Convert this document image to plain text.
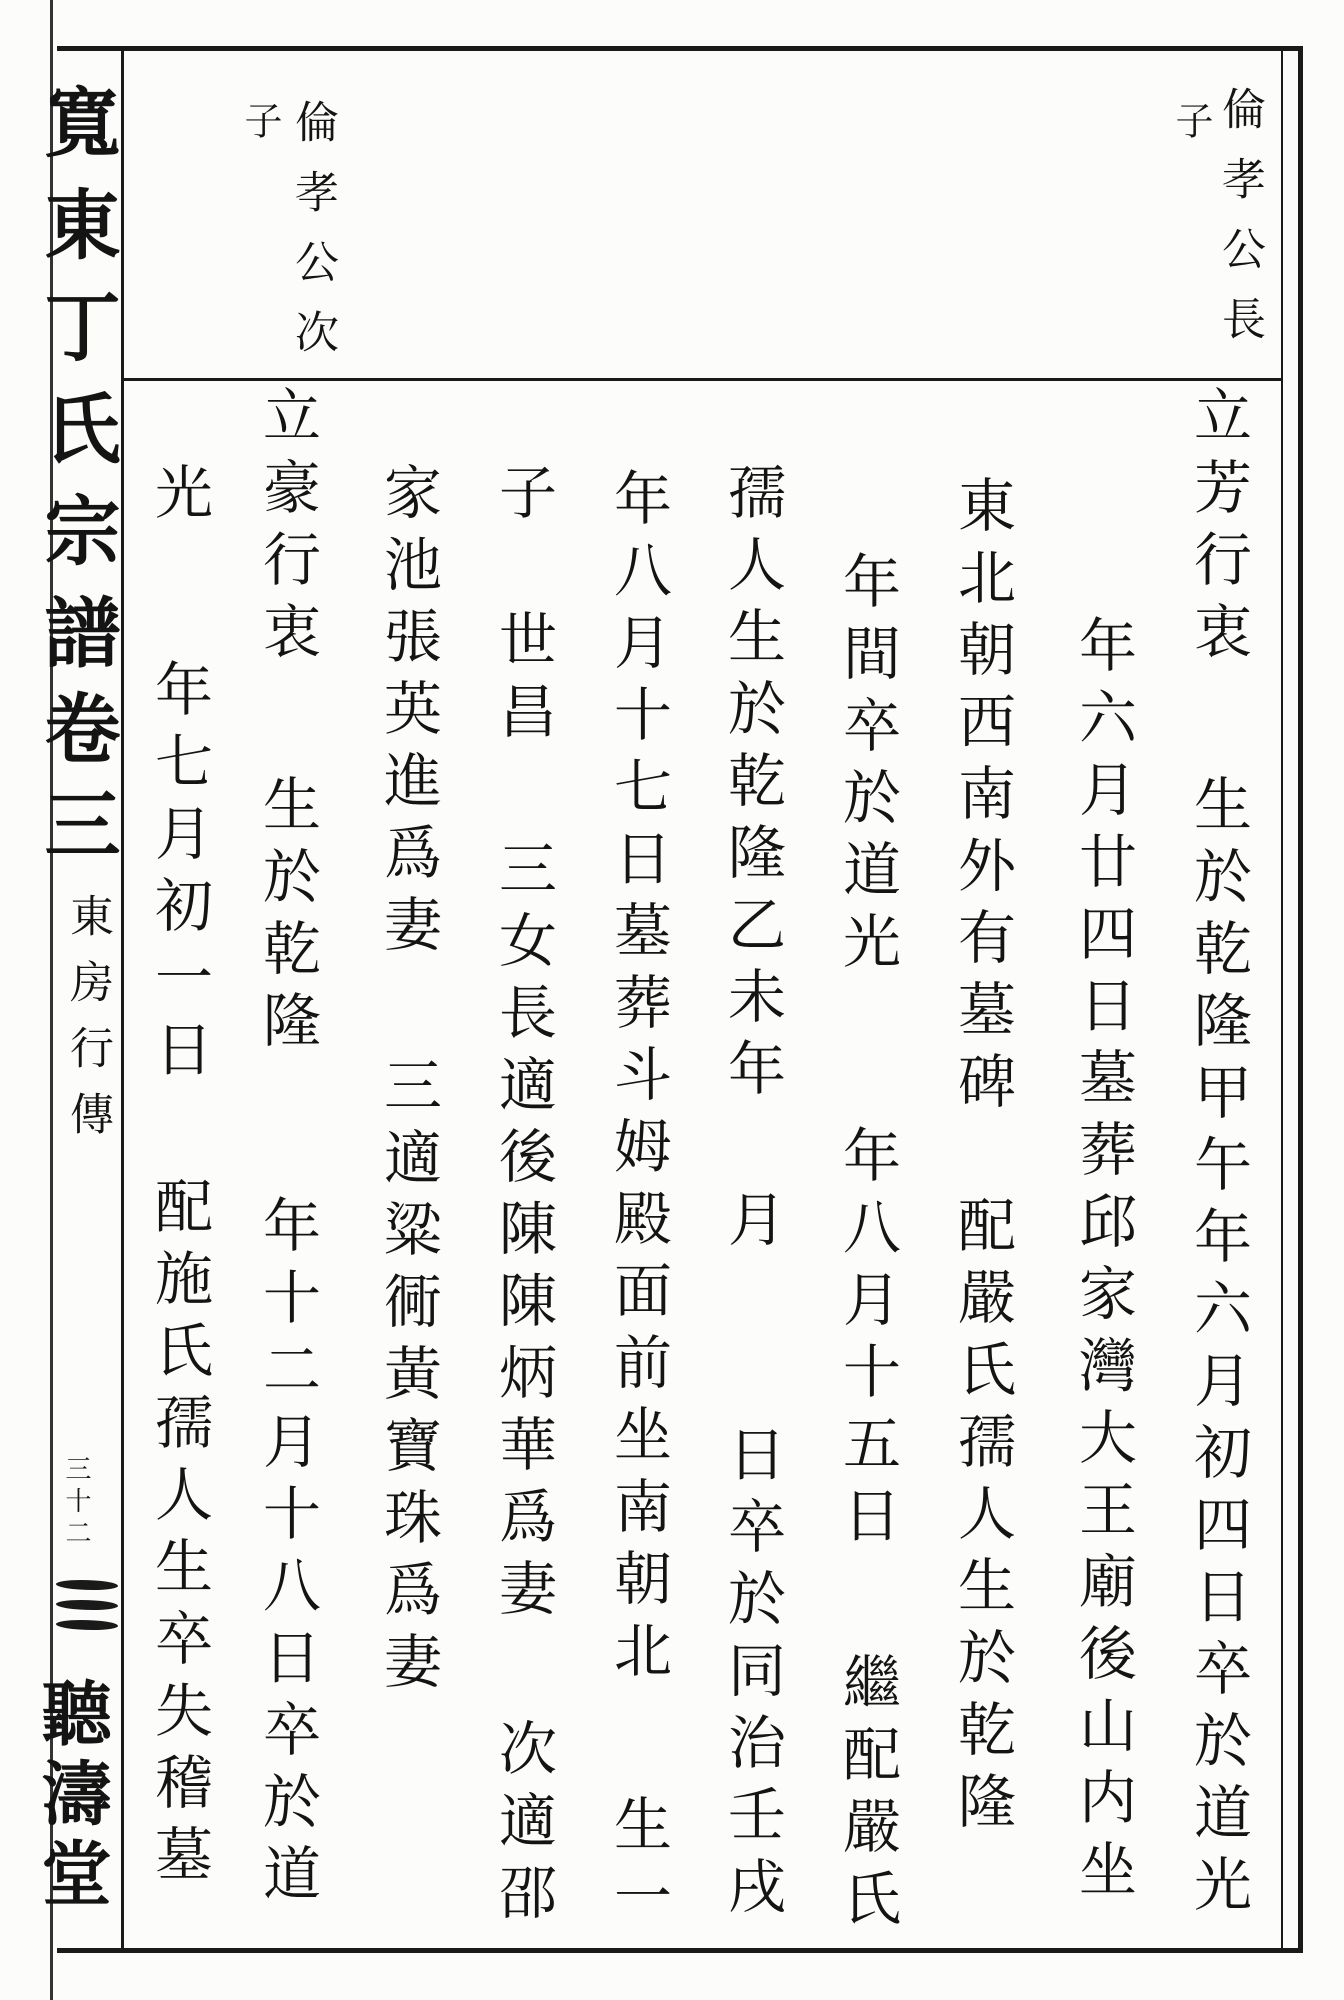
寬東丁氏宗譜
卷三
東房行傳
三十二
聽濤堂
倫孝公長
子
倫孝公次
子
立芳行衷
生於乾隆甲午年六月初四日卒於道光
年六月廿四日墓葬邱家灣大王廟後山内坐
東北朝西南外有墓碑
配嚴氏孺人生於乾隆
年間卒於道光
年八月十五日
繼配嚴氏
孺人生於乾隆乙未年
月
日卒於同治壬戌
年八月十七日墓葬斗姆殿面前坐南朝北
生一
子
世昌
三女長適後陳陳炳華爲妻
次適邵
家池張英進爲妻
三適粱衕黃寶珠爲妻
立豪行衷
生於乾隆
年十二月十八日卒於道
光
年七月初一日
配施氏孺人生卒失稽墓
